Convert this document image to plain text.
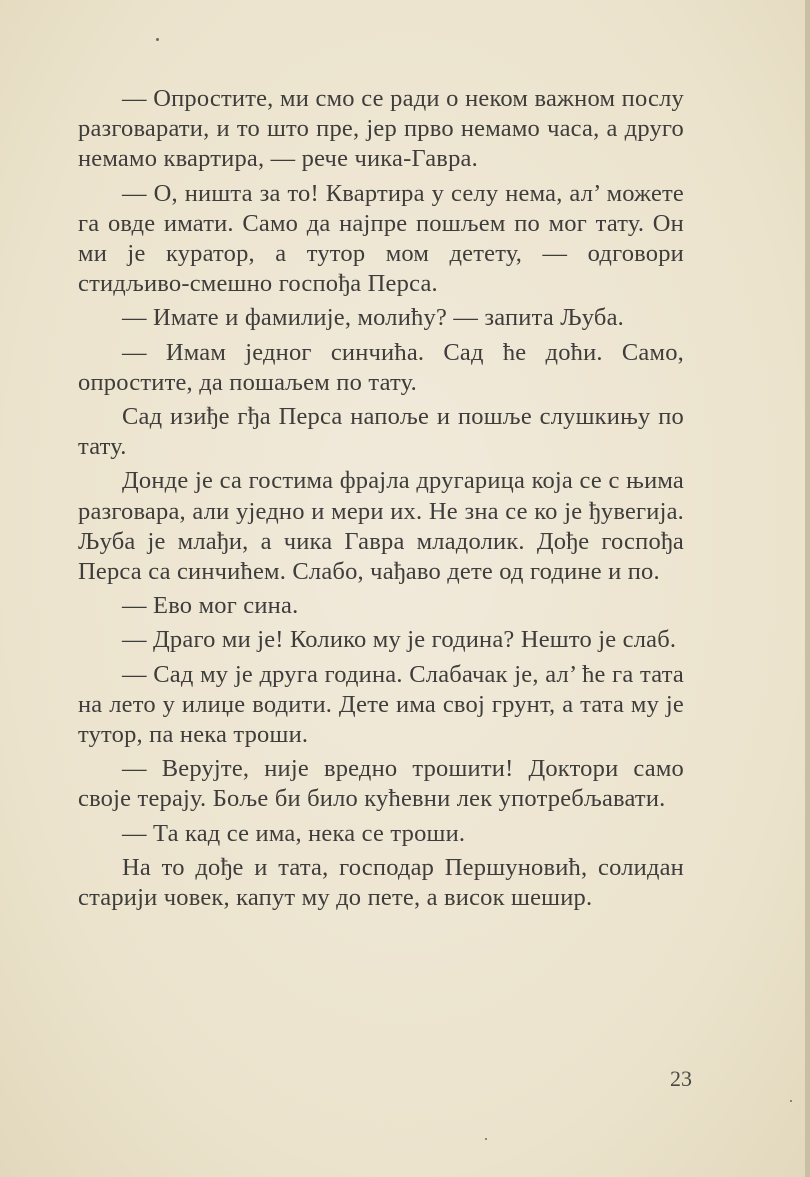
— Опростите, ми смо се ради о неком важном послу разговарати, и то што пре, јер прво немамо часа, а друго немамо квартира, — рече чика-Гавра.

— О, ништа за то! Квартира у селу нема, ал’ можете га овде имати. Само да најпре пошљем по мог тату. Он ми је куратор, а тутор мом детету, — одговори стидљиво-смешно госпођа Перса.

— Имате и фамилије, молићу? — запита Љуба.

— Имам једног синчића. Сад ће доћи. Само, опростите, да пошаљем по тату.

Сад изиђе гђа Перса напоље и пошље слушкињу по тату.

Донде је са гостима фрајла другарица која се с њима разговара, али уједно и мери их. Не зна се ко је ђувегија. Љуба је млађи, а чика Гавра младолик. Дође госпођа Перса са синчићем. Слабо, чађаво дете од године и по.

— Ево мог сина.

— Драго ми је! Колико му је година? Нешто је слаб.

— Сад му је друга година. Слабачак је, ал’ ће га тата на лето у илиџе водити. Дете има свој грунт, а тата му је тутор, па нека троши.

— Верујте, није вредно трошити! Доктори само своје терају. Боље би било кућевни лек употребљавати.

— Та кад се има, нека се троши.

На то дође и тата, господар Першуновић, солидан старији човек, капут му до пете, а висок шешир.

23
